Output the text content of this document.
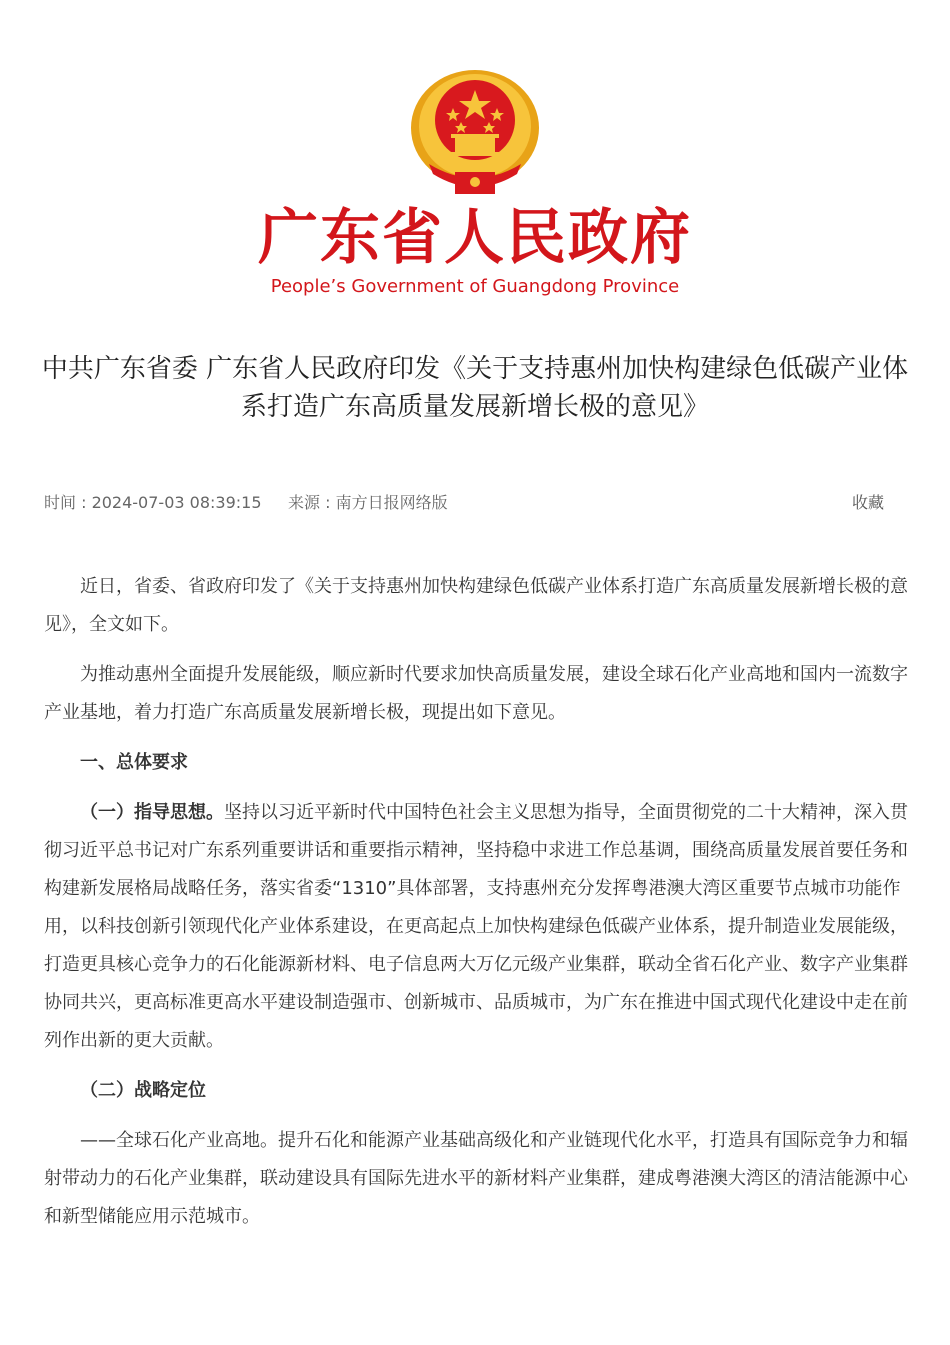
广东省人民政府
People’s Government of Guangdong Province
中共广东省委 广东省人民政府印发《关于支持惠州加快构建绿色低碳产业体系打造广东高质量发展新增长极的意见》
时间 : 2024-07-03 08:39:15 来源 : 南方日报网络版	收藏

近日，省委、省政府印发了《关于支持惠州加快构建绿色低碳产业体系打造广东高质量发展新增长极的意见》，全文如下。

为推动惠州全面提升发展能级，顺应新时代要求加快高质量发展，建设全球石化产业高地和国内一流数字产业基地，着力打造广东高质量发展新增长极，现提出如下意见。

一、总体要求

（一）指导思想。坚持以习近平新时代中国特色社会主义思想为指导，全面贯彻党的二十大精神，深入贯彻习近平总书记对广东系列重要讲话和重要指示精神，坚持稳中求进工作总基调，围绕高质量发展首要任务和构建新发展格局战略任务，落实省委“1310”具体部署，支持惠州充分发挥粤港澳大湾区重要节点城市功能作用，以科技创新引领现代化产业体系建设，在更高起点上加快构建绿色低碳产业体系，提升制造业发展能级，打造更具核心竞争力的石化能源新材料、电子信息两大万亿元级产业集群，联动全省石化产业、数字产业集群协同共兴，更高标准更高水平建设制造强市、创新城市、品质城市，为广东在推进中国式现代化建设中走在前列作出新的更大贡献。

（二）战略定位

——全球石化产业高地。提升石化和能源产业基础高级化和产业链现代化水平，打造具有国际竞争力和辐射带动力的石化产业集群，联动建设具有国际先进水平的新材料产业集群，建成粤港澳大湾区的清洁能源中心和新型储能应用示范城市。
